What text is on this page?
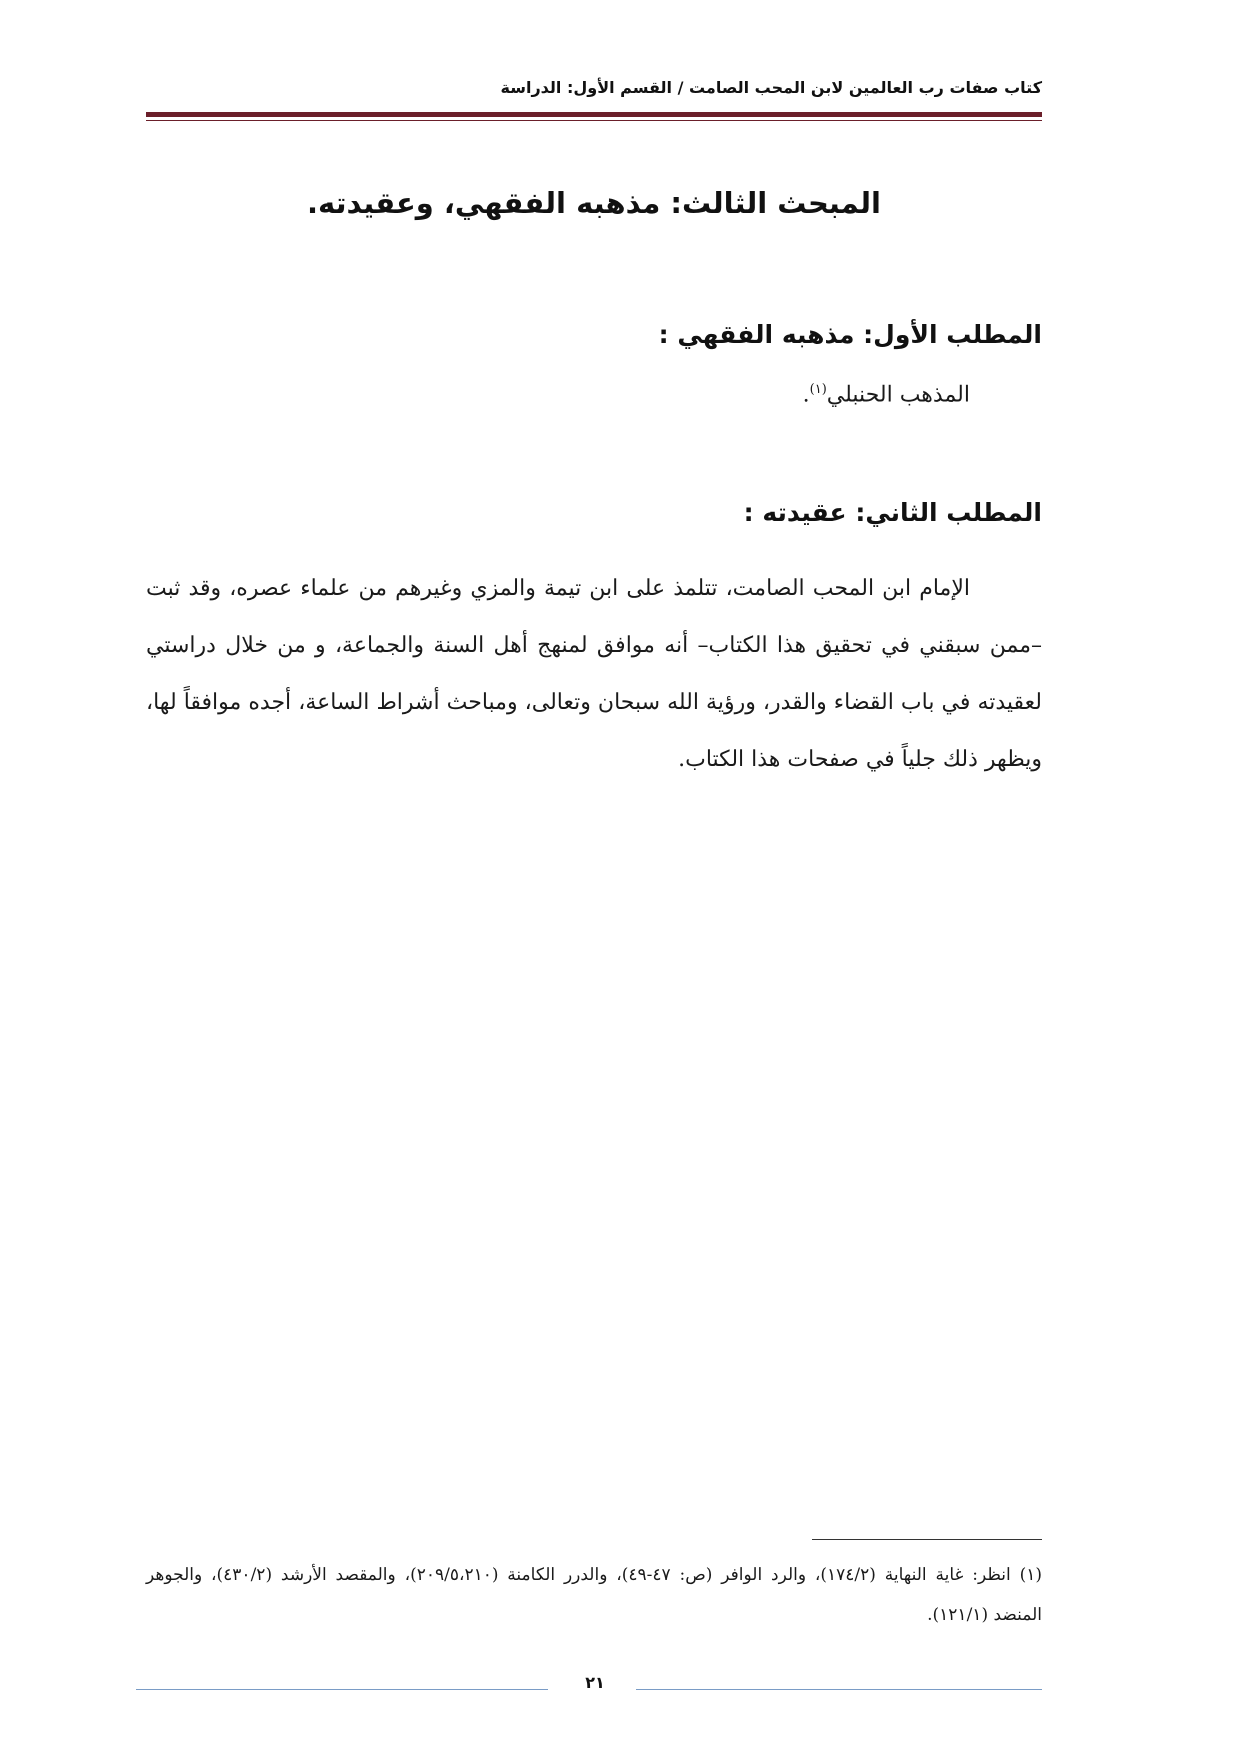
كتاب صفات رب العالمين لابن المحب الصامت / القسم الأول: الدراسة
المبحث الثالث: مذهبه الفقهي، وعقيدته.
المطلب الأول: مذهبه الفقهي :
المذهب الحنبلي$^{(١)}$.
المطلب الثاني: عقيدته :
الإمام ابن المحب الصامت، تتلمذ على ابن تيمة والمزي وغيرهم من علماء عصره، وقد ثبت –ممن سبقني في تحقيق هذا الكتاب– أنه موافق لمنهج أهل السنة والجماعة، و من خلال دراستي لعقيدته في باب القضاء والقدر، ورؤية الله سبحان وتعالى، ومباحث أشراط الساعة، أجده موافقاً لها، ويظهر ذلك جلياً في صفحات هذا الكتاب.
(١) انظر: غاية النهاية (١٧٤/٢)، والرد الوافر (ص: ٤٧-٤٩)، والدرر الكامنة (٢٠٩/٥،٢١٠)، والمقصد الأرشد (٤٣٠/٢)، والجوهر المنضد (١٢١/١).
٢١
